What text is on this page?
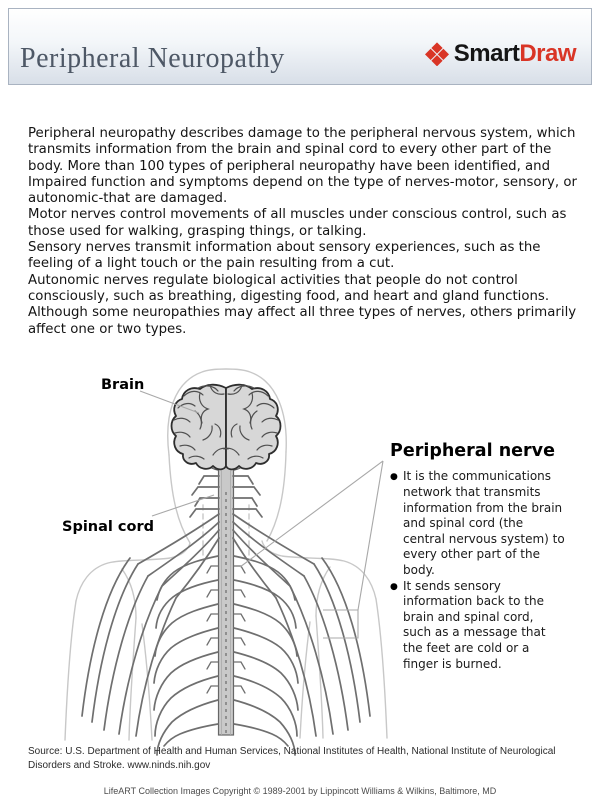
Peripheral Neuropathy	SmartDraw

Peripheral neuropathy describes damage to the peripheral nervous system, which transmits information from the brain and spinal cord to every other part of the body. More than 100 types of peripheral neuropathy have been identified, and Impaired function and symptoms depend on the type of nerves-motor, sensory, or autonomic-that are damaged.

Motor nerves control movements of all muscles under conscious control, such as those used for walking, grasping things, or talking.

Sensory nerves transmit information about sensory experiences, such as the feeling of a light touch or the pain resulting from a cut.

Autonomic nerves regulate biological activities that people do not control consciously, such as breathing, digesting food, and heart and gland functions. Although some neuropathies may affect all three types of nerves, others primarily affect one or two types.

Brain
Spinal cord
Peripheral nerve
● It is the communications network that transmits information from the brain and spinal cord (the central nervous system) to every other part of the body.
● It sends sensory information back to the brain and spinal cord, such as a message that the feet are cold or a finger is burned.
Source: U.S. Department of Health and Human Services, National Institutes of Health, National Institute of Neurological Disorders and Stroke. www.ninds.nih.gov
LifeART Collection Images Copyright © 1989-2001 by Lippincott Williams & Wilkins, Baltimore, MD
